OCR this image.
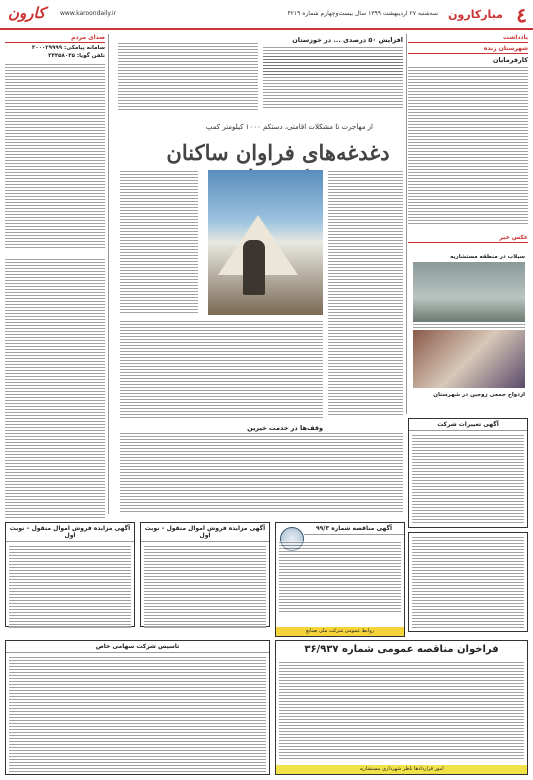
٤
مبارکارون
سه‌شنبه ۲۷ اردیبهشت ۱۳۹۹ سال بیست‌وچهارم شماره ۴۲۱۹
کارون www.karoondaily.ir
یادداشت
شهرستان زنده
کارفرمایان
عکس خبر
سیلاب در منطقه مستشاریه
ازدواج جمعی زوجین در شهرستان
صدای مردم
سامانه پیامکی: ۳۰۰۰۲۹۹۹۹
تلفن گویا: ۳۴۴۵۸۰۳۵
افزایش ۵۰ درصدی ... در خوزستان
از مهاجرت تا مشکلات اقامتی، دستکم ۱۰۰۰ کیلومتر کمپ
دغدغه‌های فراوان ساکنان
وقف‌ها در خدمت خیرین	آگهی تغییرات شرکت
آگهی مزایده فروش اموال منقول – نوبت اول
آگهی مزایده فروش اموال منقول – نوبت اول
آگهی مناقصه شماره ۹۹/۳
روابط عمومی شرکت ملی صنایع
تاسیس شرکت سهامی خاص	فراخوان مناقصه عمومی شماره ۳۶/۹۳۷
امور قراردادها ناظر شهرداری مستشاریه
